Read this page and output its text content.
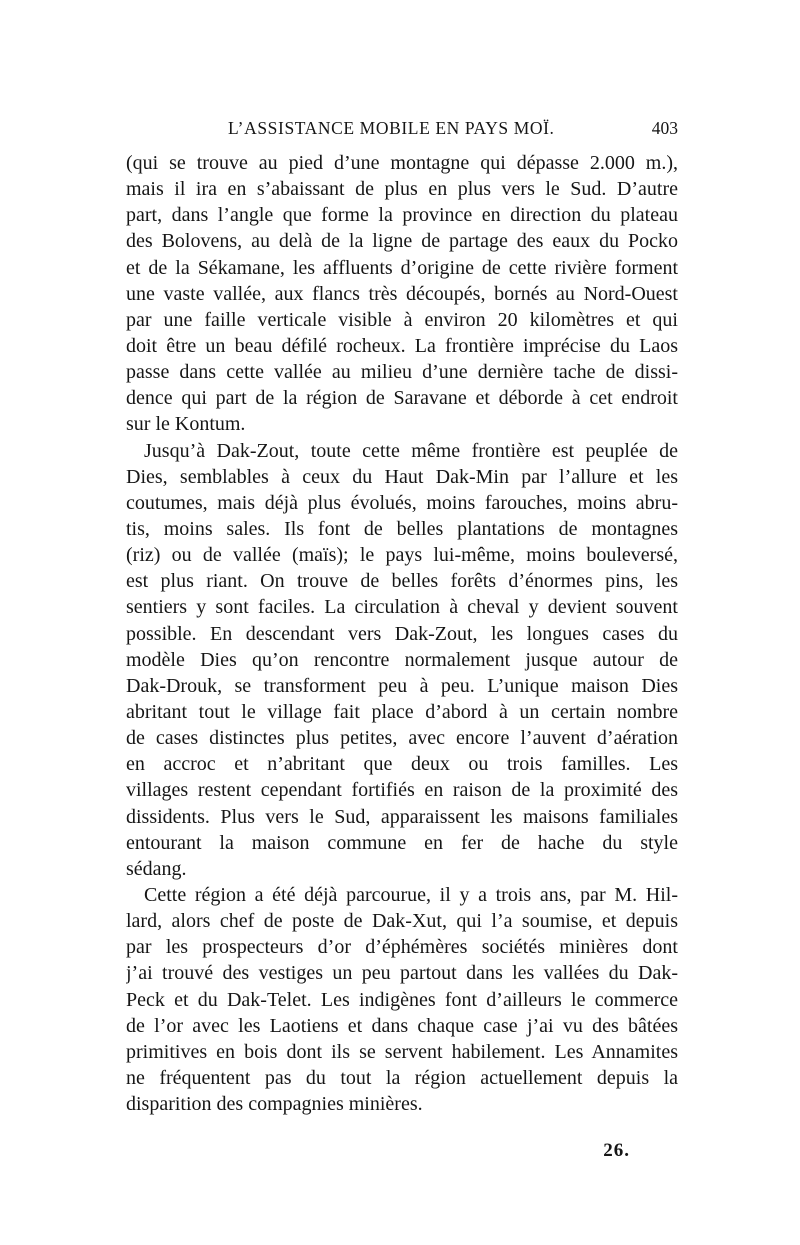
L’ASSISTANCE MOBILE EN PAYS MOÏ.	403
(qui se trouve au pied d’une montagne qui dépasse 2.000 m.),
mais il ira en s’abaissant de plus en plus vers le Sud. D’autre
part, dans l’angle que forme la province en direction du plateau
des Bolovens, au delà de la ligne de partage des eaux du Pocko
et de la Sékamane, les affluents d’origine de cette rivière forment
une vaste vallée, aux flancs très découpés, bornés au Nord-Ouest
par une faille verticale visible à environ 20 kilomètres et qui
doit être un beau défilé rocheux. La frontière imprécise du Laos
passe dans cette vallée au milieu d’une dernière tache de dissi-
dence qui part de la région de Saravane et déborde à cet endroit
sur le Kontum.
Jusqu’à Dak-Zout, toute cette même frontière est peuplée de
Dies, semblables à ceux du Haut Dak-Min par l’allure et les
coutumes, mais déjà plus évolués, moins farouches, moins abru-
tis, moins sales. Ils font de belles plantations de montagnes
(riz) ou de vallée (maïs); le pays lui-même, moins bouleversé,
est plus riant. On trouve de belles forêts d’énormes pins, les
sentiers y sont faciles. La circulation à cheval y devient souvent
possible. En descendant vers Dak-Zout, les longues cases du
modèle Dies qu’on rencontre normalement jusque autour de
Dak-Drouk, se transforment peu à peu. L’unique maison Dies
abritant tout le village fait place d’abord à un certain nombre
de cases distinctes plus petites, avec encore l’auvent d’aération
en accroc et n’abritant que deux ou trois familles. Les
villages restent cependant fortifiés en raison de la proximité des
dissidents. Plus vers le Sud, apparaissent les maisons familiales
entourant la maison commune en fer de hache du style
sédang.
Cette région a été déjà parcourue, il y a trois ans, par M. Hil-
lard, alors chef de poste de Dak-Xut, qui l’a soumise, et depuis
par les prospecteurs d’or d’éphémères sociétés minières dont
j’ai trouvé des vestiges un peu partout dans les vallées du Dak-
Peck et du Dak-Telet. Les indigènes font d’ailleurs le commerce
de l’or avec les Laotiens et dans chaque case j’ai vu des bâtées
primitives en bois dont ils se servent habilement. Les Annamites
ne fréquentent pas du tout la région actuellement depuis la
disparition des compagnies minières.
26.
